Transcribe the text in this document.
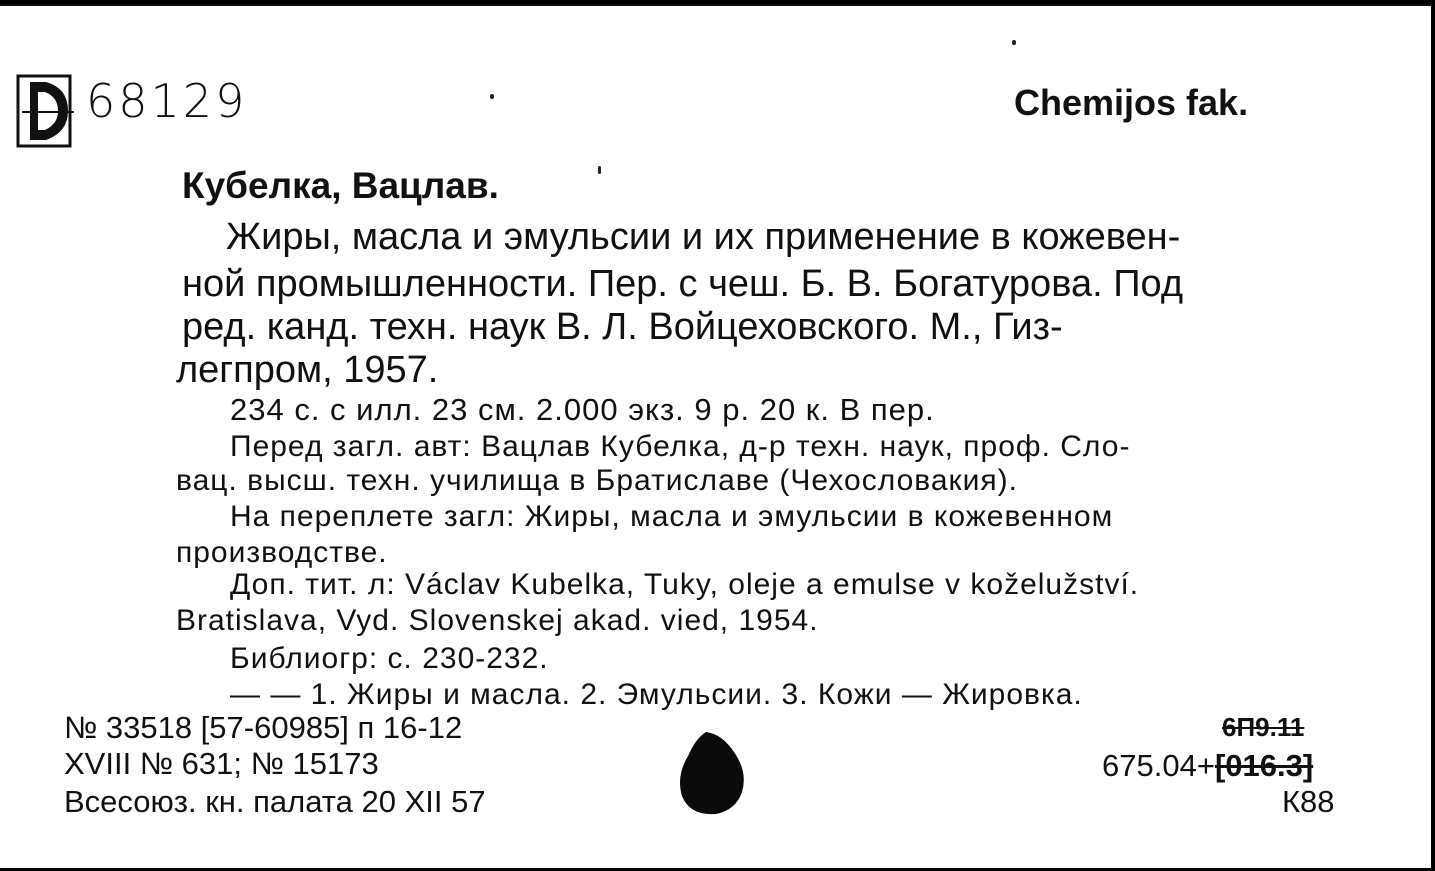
68129	Chemijos fak.
Кубелка, Вацлав.
Жиры, масла и эмульсии и их применение в кожевен-
ной промышленности. Пер. с чеш. Б. В. Богатурова. Под
ред. канд. техн. наук В. Л. Войцеховского. М., Гиз-
легпром, 1957.
234 с. с илл. 23 см. 2.000 экз. 9 р. 20 к. В пер.
Перед загл. авт: Вацлав Кубелка, д-р техн. наук, проф. Сло-
вац. высш. техн. училища в Братиславе (Чехословакия).
На переплете загл: Жиры, масла и эмульсии в кожевенном
производстве.
Доп. тит. л: Václav Kubelka, Tuky, oleje a emulse v koželužství.
Bratislava, Vyd. Slovenskej akad. vied, 1954.
Библиогр: с. 230-232.
— — 1. Жиры и масла. 2. Эмульсии. 3. Кожи — Жировка.
№ 33518 [57-60985] п 16-12
XVIII № 631; № 15173
Всесоюз. кн. палата 20 XII 57
6П9.11
675.04+[016.3]
К88
